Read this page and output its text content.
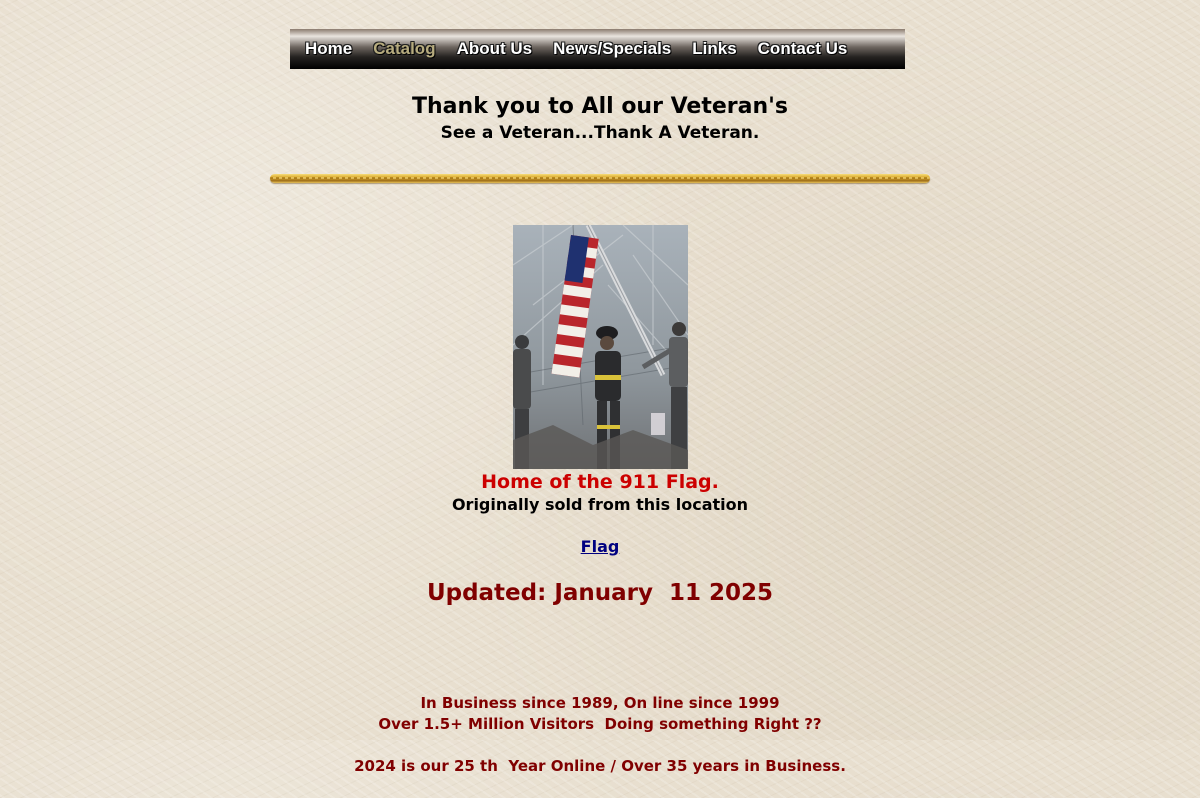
Home Catalog About Us News/Specials Links Contact Us
Thank you to All our Veteran's
See a Veteran...Thank A Veteran.
Home of the 911 Flag.
Originally sold from this location
Flag
Updated: January  11 2025

In Business since 1989, On line since 1999

2024 is our 25 th  Year Online / Over 35 years in Business.

Over 1.5+ Million Visitors  Doing something Right ??
